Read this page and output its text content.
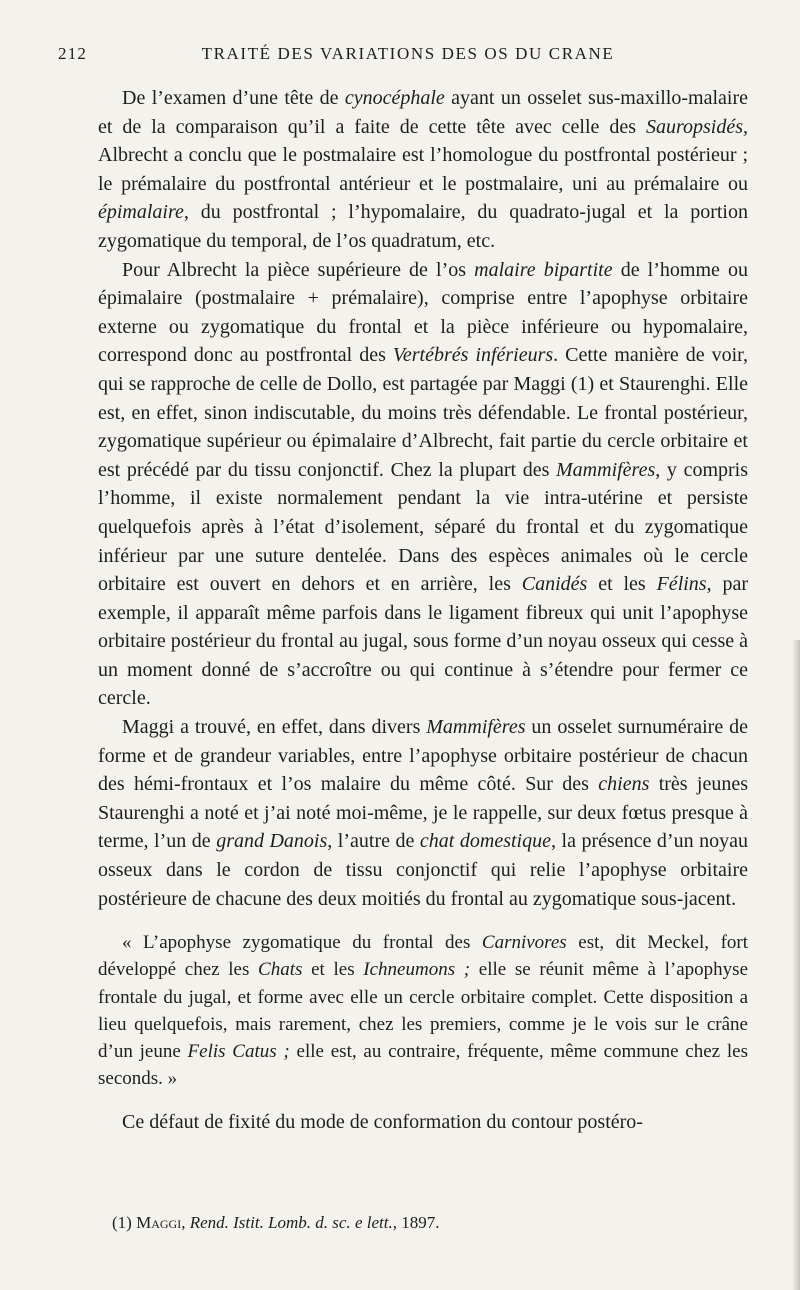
212	TRAITÉ DES VARIATIONS DES OS DU CRANE

De l’examen d’une tête de cynocéphale ayant un osselet sus-maxillo-malaire et de la comparaison qu’il a faite de cette tête avec celle des Sauropsidés, Albrecht a conclu que le postmalaire est l’homologue du postfrontal postérieur ; le prémalaire du postfrontal antérieur et le postmalaire, uni au prémalaire ou épimalaire, du postfrontal ; l’hypomalaire, du quadrato-jugal et la portion zygomatique du temporal, de l’os quadratum, etc.

Pour Albrecht la pièce supérieure de l’os malaire bipartite de l’homme ou épimalaire (postmalaire + prémalaire), comprise entre l’apophyse orbitaire externe ou zygomatique du frontal et la pièce inférieure ou hypomalaire, correspond donc au postfrontal des Vertébrés inférieurs. Cette manière de voir, qui se rapproche de celle de Dollo, est partagée par Maggi (1) et Staurenghi. Elle est, en effet, sinon indiscutable, du moins très défendable. Le frontal postérieur, zygomatique supérieur ou épimalaire d’Albrecht, fait partie du cercle orbitaire et est précédé par du tissu conjonctif. Chez la plupart des Mammifères, y compris l’homme, il existe normalement pendant la vie intra-utérine et persiste quelquefois après à l’état d’isolement, séparé du frontal et du zygomatique inférieur par une suture dentelée. Dans des espèces animales où le cercle orbitaire est ouvert en dehors et en arrière, les Canidés et les Félins, par exemple, il apparaît même parfois dans le ligament fibreux qui unit l’apophyse orbitaire postérieur du frontal au jugal, sous forme d’un noyau osseux qui cesse à un moment donné de s’accroître ou qui continue à s’étendre pour fermer ce cercle.

Maggi a trouvé, en effet, dans divers Mammifères un osselet surnuméraire de forme et de grandeur variables, entre l’apophyse orbitaire postérieur de chacun des hémi-frontaux et l’os malaire du même côté. Sur des chiens très jeunes Staurenghi a noté et j’ai noté moi-même, je le rappelle, sur deux fœtus presque à terme, l’un de grand Danois, l’autre de chat domestique, la présence d’un noyau osseux dans le cordon de tissu conjonctif qui relie l’apophyse orbitaire postérieure de chacune des deux moitiés du frontal au zygomatique sous-jacent.

« L’apophyse zygomatique du frontal des Carnivores est, dit Meckel, fort développé chez les Chats et les Ichneumons ; elle se réunit même à l’apophyse frontale du jugal, et forme avec elle un cercle orbitaire complet. Cette disposition a lieu quelquefois, mais rarement, chez les premiers, comme je le vois sur le crâne d’un jeune Felis Catus ; elle est, au contraire, fréquente, même commune chez les seconds. »

Ce défaut de fixité du mode de conformation du contour postéro-

(1) Maggi, Rend. Istit. Lomb. d. sc. e lett., 1897.
